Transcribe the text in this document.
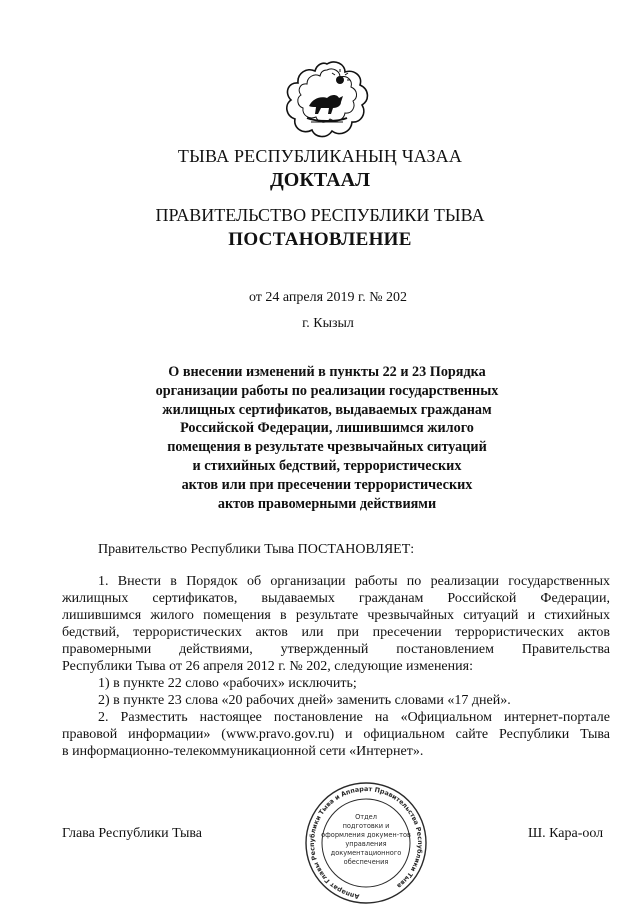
ТЫВА РЕСПУБЛИКАНЫҢ ЧАЗАА
ДОКТААЛ
ПРАВИТЕЛЬСТВО РЕСПУБЛИКИ ТЫВА
ПОСТАНОВЛЕНИЕ
от 24 апреля 2019 г. № 202
г. Кызыл
О внесении изменений в пункты 22 и 23 Порядка
организации работы по реализации государственных
жилищных сертификатов, выдаваемых гражданам
Российской Федерации, лишившимся жилого
помещения в результате чрезвычайных ситуаций
и стихийных бедствий, террористических
актов или при пресечении террористических
актов правомерными действиями
Правительство Республики Тыва ПОСТАНОВЛЯЕТ:
1. Внести в Порядок об организации работы по реализации государственных
жилищных сертификатов, выдаваемых гражданам Российской Федерации,
лишившимся жилого помещения в результате чрезвычайных ситуаций и стихийных
бедствий, террористических актов или при пресечении террористических актов
правомерными действиями, утвержденный постановлением Правительства
Республики Тыва от 26 апреля 2012 г. № 202, следующие изменения:
1) в пункте 22 слово «рабочих» исключить;
2) в пункте 23 слова «20 рабочих дней» заменить словами «17 дней».
2. Разместить настоящее постановление на «Официальном интернет-портале
правовой информации» (www.pravo.gov.ru) и официальном сайте Республики Тыва
в информационно-телекоммуникационной сети «Интернет».
Глава Республики Тыва	Ш. Кара-оол
Аппарат Главы Республики Тыва и Аппарат Правительства Республики Тыва
Отдел
подготовки и
оформления докумен-тов
управления
документационного
обеспечения
